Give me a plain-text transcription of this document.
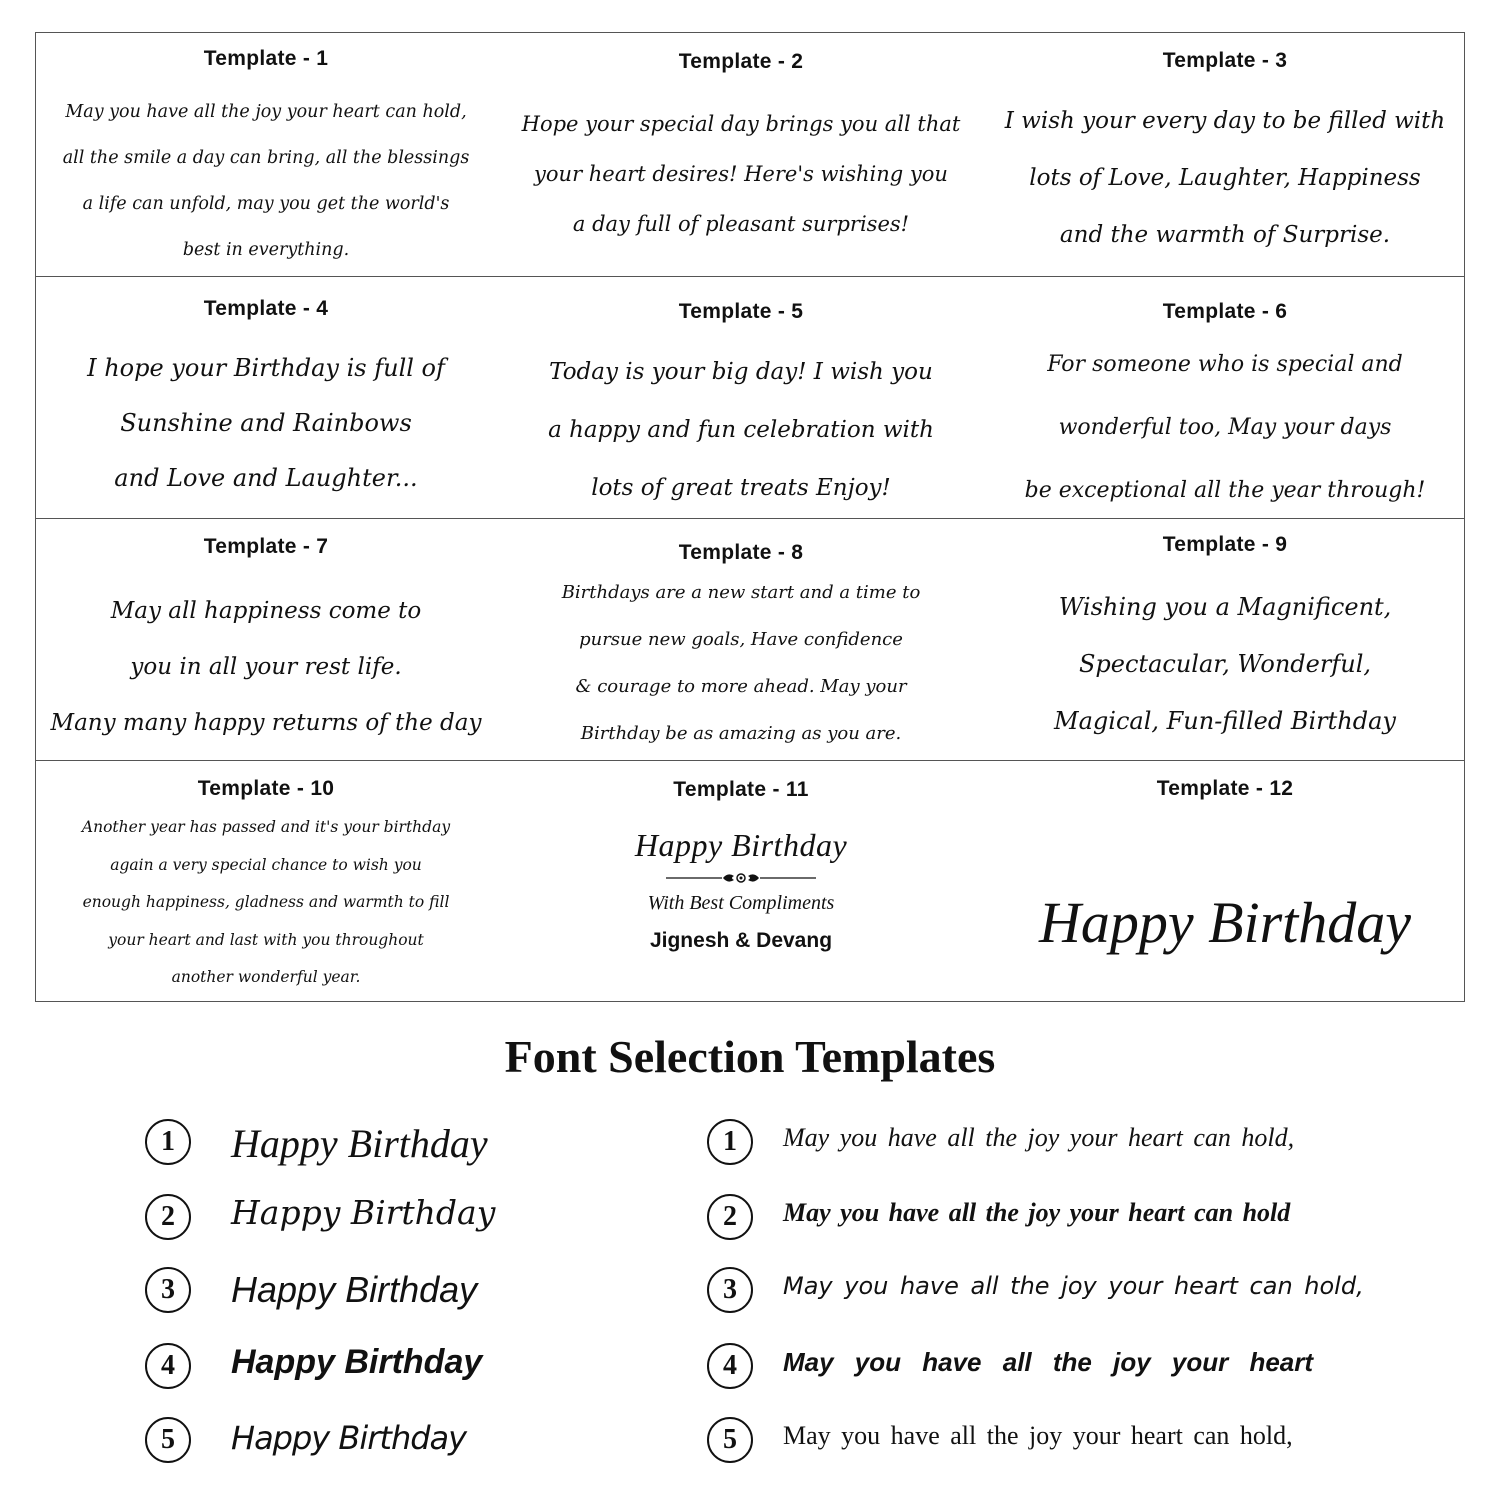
Template - 1
May you have all the joy your heart can hold,
all the smile a day can bring, all the blessings
a life can unfold, may you get the world's
best in everything.
Template - 2
Hope your special day brings you all that
your heart desires! Here's wishing you
a day full of pleasant surprises!
Template - 3
I wish your every day to be filled with
lots of Love, Laughter, Happiness
and the warmth of Surprise.
Template - 4
I hope your Birthday is full of
Sunshine and Rainbows
and Love and Laughter...
Template - 5
Today is your big day! I wish you
a happy and fun celebration with
lots of great treats Enjoy!
Template - 6
For someone who is special and
wonderful too, May your days
be exceptional all the year through!
Template - 7
May all happiness come to
you in all your rest life.
Many many happy returns of the day
Template - 8
Birthdays are a new start and a time to
pursue new goals, Have confidence
& courage to more ahead. May your
Birthday be as amazing as you are.
Template - 9
Wishing you a Magnificent,
Spectacular, Wonderful,
Magical, Fun-filled Birthday
Template - 10
Another year has passed and it's your birthday
again a very special chance to wish you
enough happiness, gladness and warmth to fill
your heart and last with you throughout
another wonderful year.
Template - 11
Happy Birthday
With Best Compliments
Jignesh & Devang
Template - 12
Happy Birthday
Font Selection Templates
1	Happy Birthday
2	Happy Birthday
3	Happy Birthday
4	Happy Birthday
5	Happy Birthday
1	May you have all the joy your heart can hold,
2	May you have all the joy your heart can hold
3	May you have all the joy your heart can hold,
4	May you have all the joy your heart
5	May you have all the joy your heart can hold,
